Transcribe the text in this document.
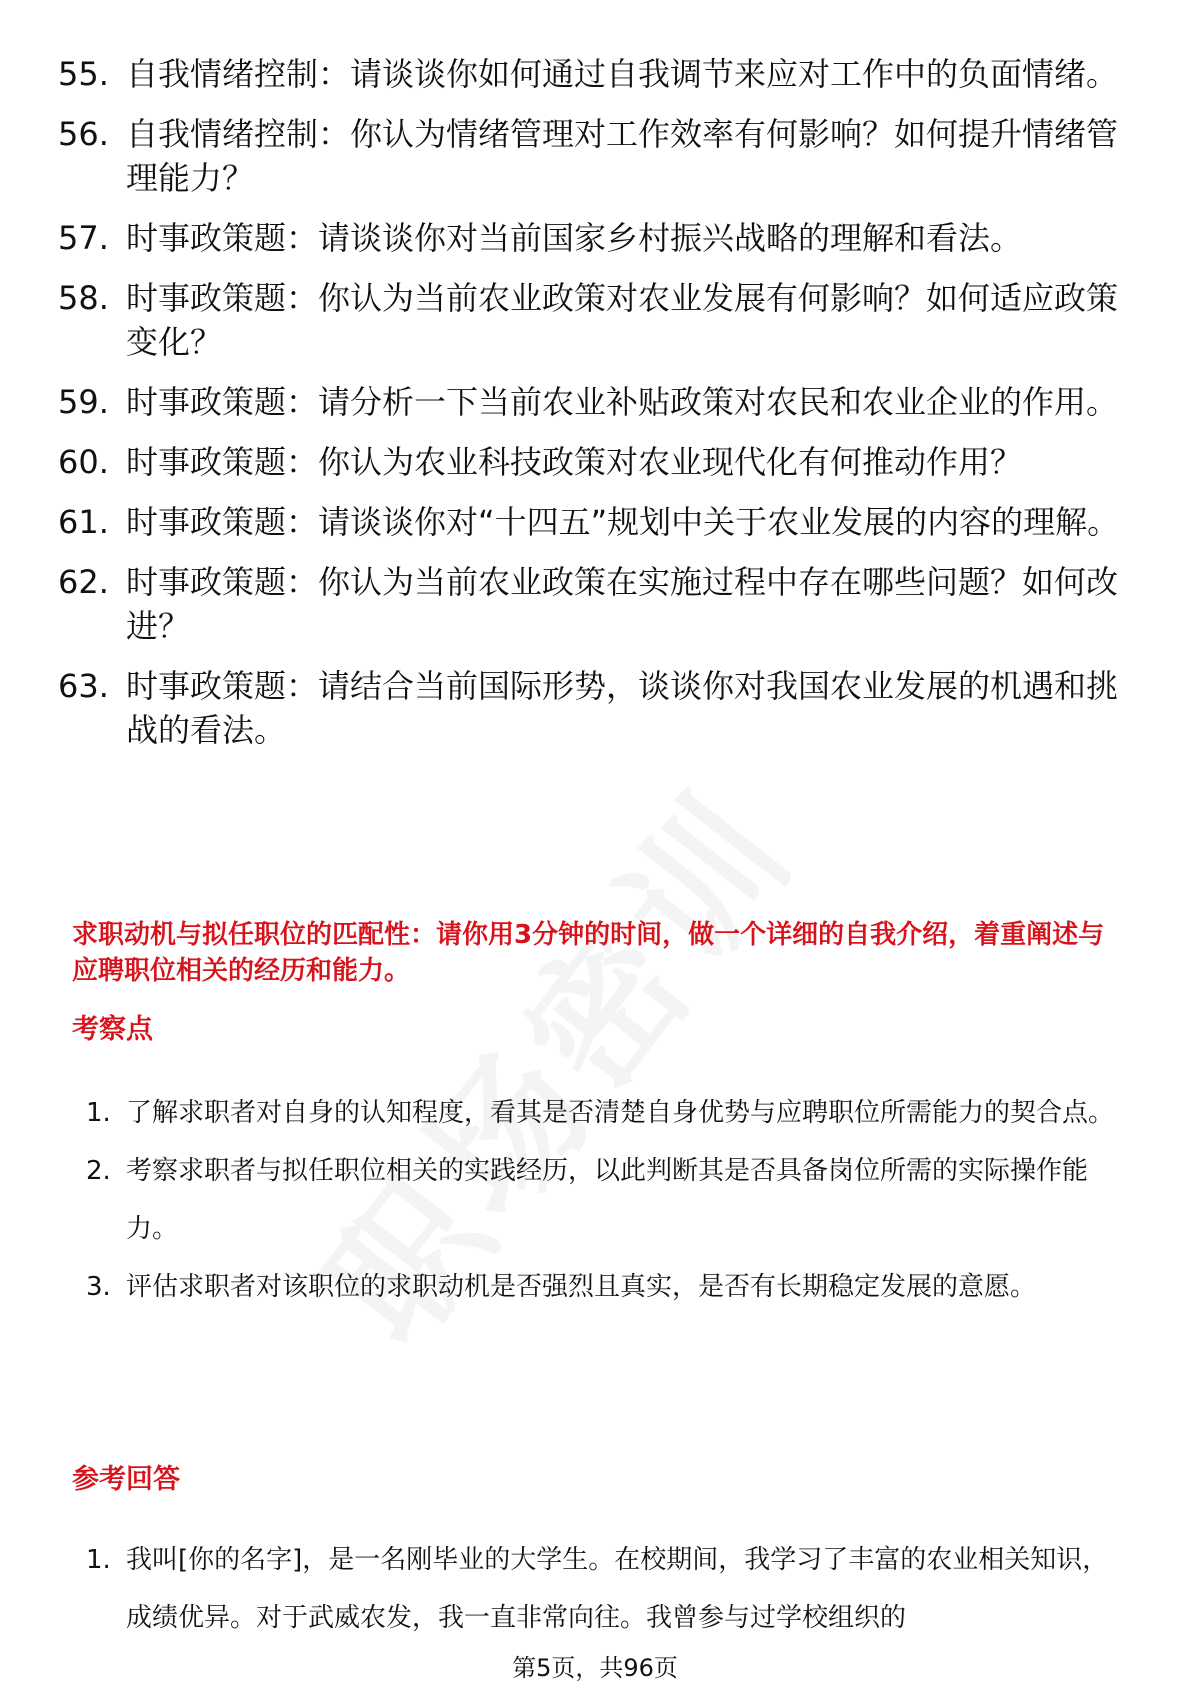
55. 自我情绪控制：请谈谈你如何通过自我调节来应对工作中的负面情绪。
56. 自我情绪控制：你认为情绪管理对工作效率有何影响？如何提升情绪管理能力？
57. 时事政策题：请谈谈你对当前国家乡村振兴战略的理解和看法。
58. 时事政策题：你认为当前农业政策对农业发展有何影响？如何适应政策变化？
59. 时事政策题：请分析一下当前农业补贴政策对农民和农业企业的作用。
60. 时事政策题：你认为农业科技政策对农业现代化有何推动作用？
61. 时事政策题：请谈谈你对“十四五”规划中关于农业发展的内容的理解。
62. 时事政策题：你认为当前农业政策在实施过程中存在哪些问题？如何改进？
63. 时事政策题：请结合当前国际形势，谈谈你对我国农业发展的机遇和挑战的看法。

求职动机与拟任职位的匹配性：请你用3分钟的时间，做一个详细的自我介绍，着重阐述与应聘职位相关的经历和能力。

考察点

1. 了解求职者对自身的认知程度，看其是否清楚自身优势与应聘职位所需能力的契合点。
2. 考察求职者与拟任职位相关的实践经历，以此判断其是否具备岗位所需的实际操作能力。
3. 评估求职者对该职位的求职动机是否强烈且真实，是否有长期稳定发展的意愿。

参考回答

1. 我叫[你的名字]，是一名刚毕业的大学生。在校期间，我学习了丰富的农业相关知识，成绩优异。对于武威农发，我一直非常向往。我曾参与过学校组织的
第5页，共96页
